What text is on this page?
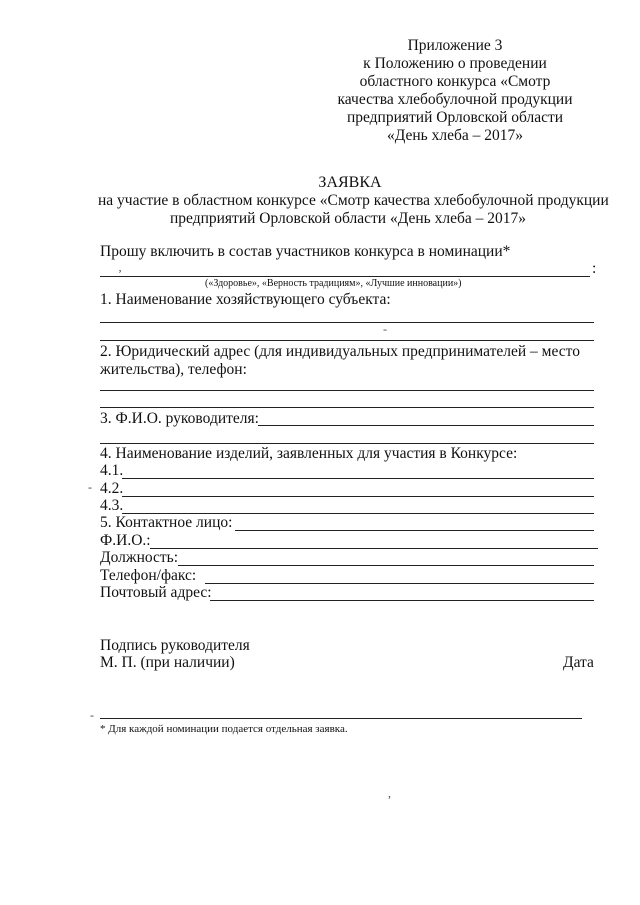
Приложение 3
к Положению о проведении
областного конкурса «Смотр
качества хлебобулочной продукции
предприятий Орловской области
«День хлеба – 2017»
ЗАЯВКА
на участие в областном конкурсе «Смотр качества хлебобулочной продукции
предприятий Орловской области «День хлеба – 2017»
Прошу включить в состав участников конкурса в номинации*
:
‚
(«Здоровье», «Верность традициям», «Лучшие инновации»)
1. Наименование хозяйствующего субъекта:
-
2. Юридический адрес (для индивидуальных предпринимателей – место
жительства), телефон:
3. Ф.И.О. руководителя:
4. Наименование изделий, заявленных для участия в Конкурсе:
4.1.
- 4.2.
4.3.
5. Контактное лицо:
Ф.И.О.:
Должность:
Телефон/факс:
Почтовый адрес:
Подпись руководителя
М. П. (при наличии)	Дата
-
* Для каждой номинации подается отдельная заявка.
,
